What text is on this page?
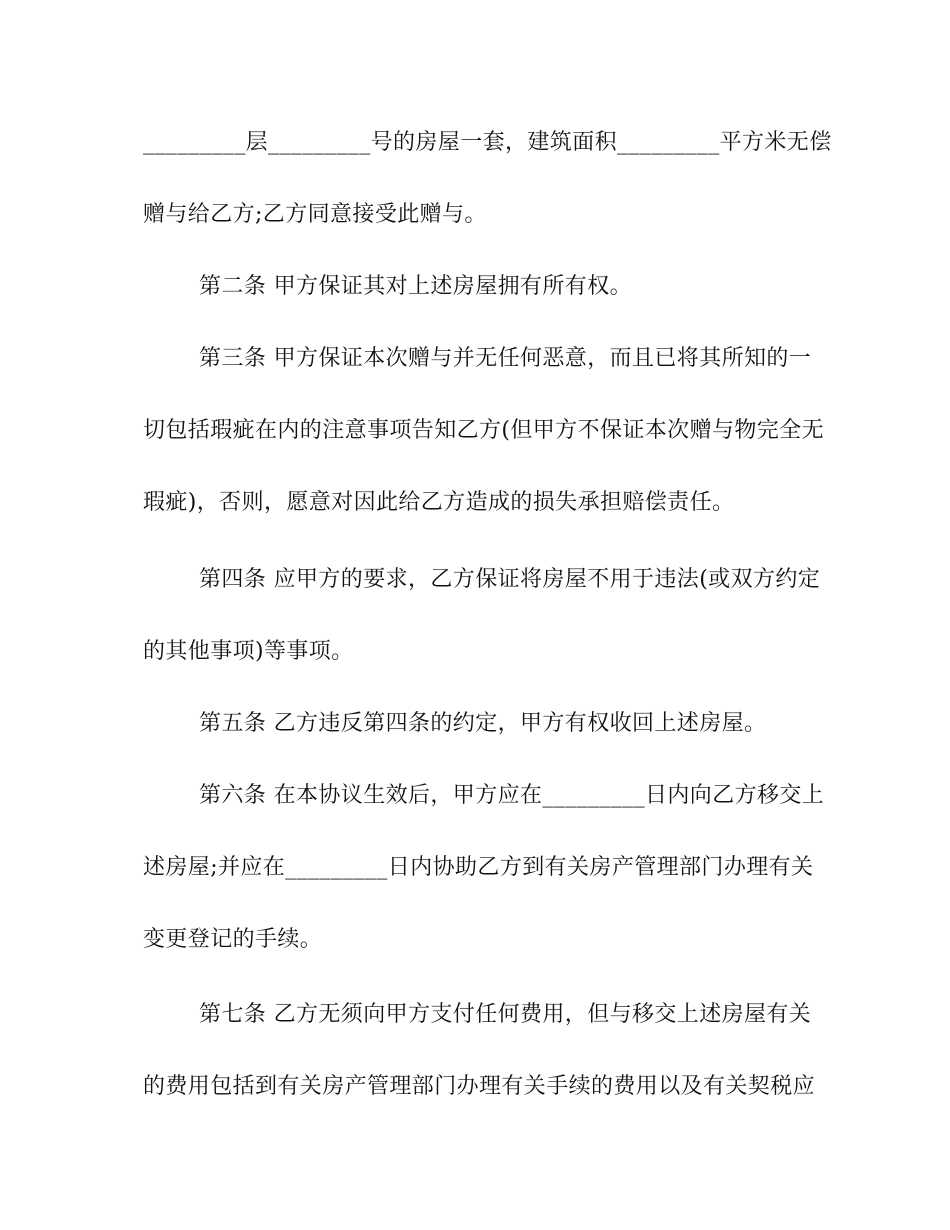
_________层_________号的房屋一套，建筑面积_________平方米无偿
赠与给乙方;乙方同意接受此赠与。
第二条 甲方保证其对上述房屋拥有所有权。
第三条 甲方保证本次赠与并无任何恶意，而且已将其所知的一
切包括瑕疵在内的注意事项告知乙方(但甲方不保证本次赠与物完全无
瑕疵)，否则，愿意对因此给乙方造成的损失承担赔偿责任。
第四条 应甲方的要求，乙方保证将房屋不用于违法(或双方约定
的其他事项)等事项。
第五条 乙方违反第四条的约定，甲方有权收回上述房屋。
第六条 在本协议生效后，甲方应在_________日内向乙方移交上
述房屋;并应在_________日内协助乙方到有关房产管理部门办理有关
变更登记的手续。
第七条 乙方无须向甲方支付任何费用，但与移交上述房屋有关
的费用包括到有关房产管理部门办理有关手续的费用以及有关契税应
